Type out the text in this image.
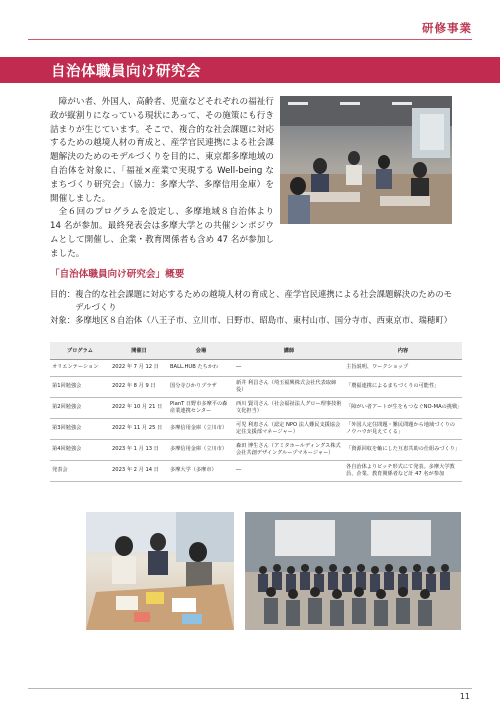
研修事業
自治体職員向け研究会

障がい者、外国人、高齢者、児童などそれぞれの福祉行政が縦割りになっている現状にあって、その施策にも行き詰まりが生じています。そこで、複合的な社会課題に対応するための越境人材の育成と、産学官民連携による社会課題解決のためのモデルづくりを目的に、東京都多摩地域の自治体を対象に、「福祉×産業で実現する Well-being なまちづくり研究会」（協力：多摩大学、多摩信用金庫）を開催しました。

全６回のプログラムを設定し、多摩地域８自治体より 14 名が参加。最終発表会は多摩大学との共催シンポジウムとして開催し、企業・教育関係者も含め 47 名が参加しました。

「自治体職員向け研究会」概要
目的： 複合的な社会課題に対応するための越境人材の育成と、産学官民連携による社会課題解決のためのモデルづくり
対象： 多摩地区８自治体（八王子市、立川市、日野市、昭島市、東村山市、国分寺市、西東京市、瑞穂町）
プログラム	開催日	会場	講師	内容
オリエンテーション	2022 年 7 月 12 日	BALL.HUB たちかわ	―	主旨説明、ワークショップ
第1回勉強会	2022 年 8 月 9 日	国分寺ひかりプラザ	新井 利昌さん（埼玉福興株式会社代表取締役）	「農福連携によるまちづくりの可能性」
第2回勉強会	2022 年 10 月 21 日	PlanT 日野市多摩平の森産業連携センター	西川 賢司さん（社会福祉法人グロー理事技術文化担当）	「障がい者アートが生をもつなぐNO-MAの挑戦」
第3回勉強会	2022 年 11 月 25 日	多摩信用金庫（立川市）	可児 利恵さん（認定 NPO 法人難民支援協会定住支援部マネージャー）	「外国人定住問題・難民問題から地域づくりのノウハウが見えてくる」
第4回勉強会	2023 年 1 月 13 日	多摩信用金庫（立川市）	森田 博生さん（アミタホールディングス株式会社共創デザイングループマネージャー）	「資源回収を軸にした互恵共助の仕組みづくり」
発表会	2023 年 2 月 14 日	多摩大学（多摩市）	―	各自治体よりピッチ形式にて発表。多摩大学教員、企業、教育関係者など計 47 名が参加
11
